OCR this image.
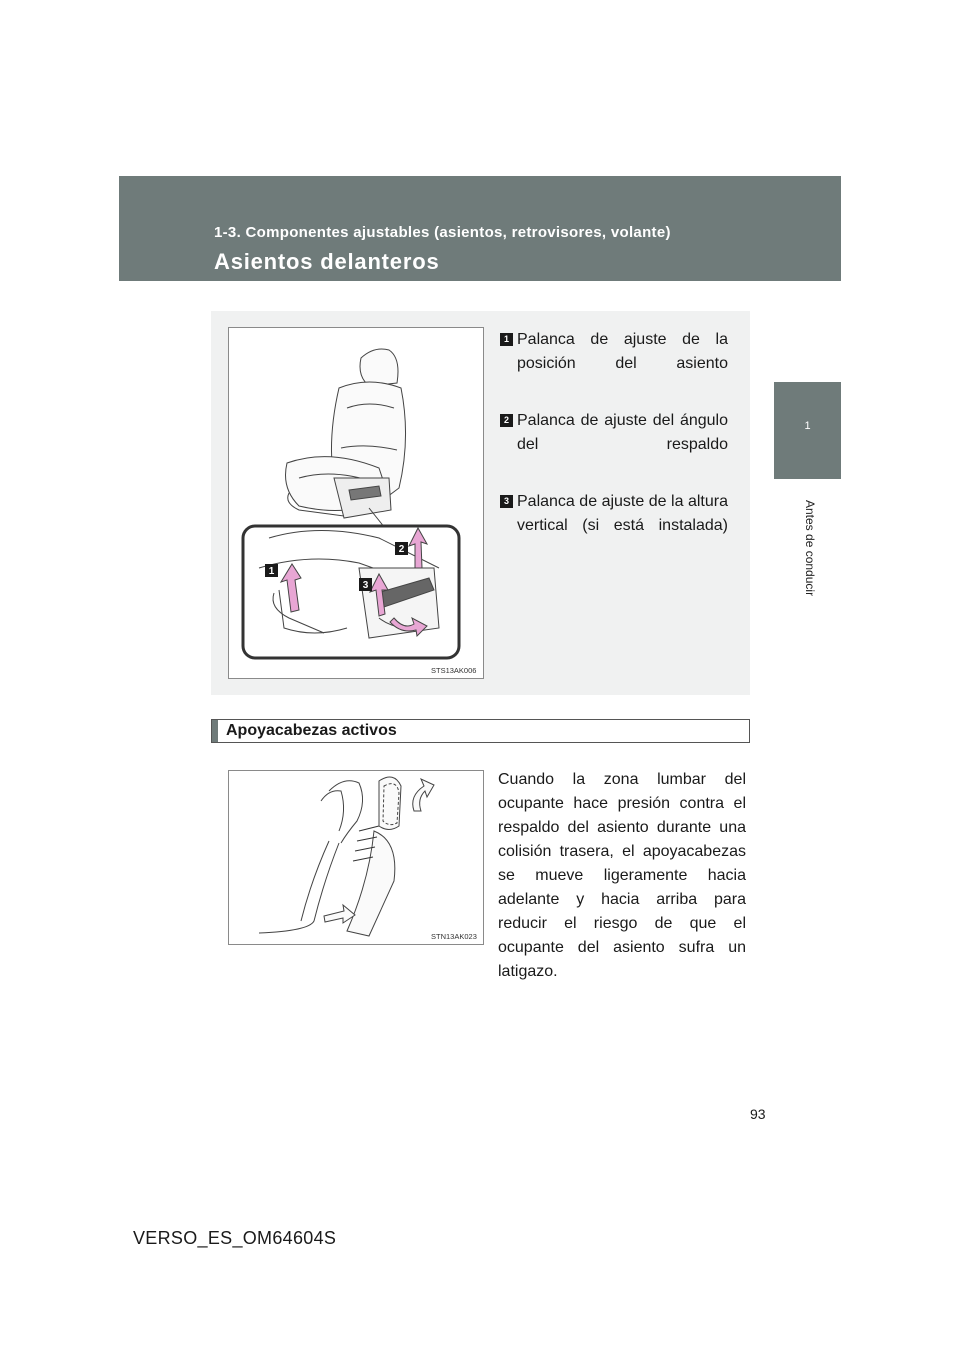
1-3. Componentes ajustables (asientos, retrovisores, volante)
Asientos delanteros
1
Antes de conducir
1
2
3
STS13AK006
1 Palanca de ajuste de la posición del asiento
2 Palanca de ajuste del ángulo del respaldo
3 Palanca de ajuste de la altura vertical (si está instalada)
Apoyacabezas activos
STN13AK023
Cuando la zona lumbar del ocupante hace presión contra el respaldo del asiento durante una colisión trasera, el apoyacabezas se mueve ligeramente hacia adelante y hacia arriba para reducir el riesgo de que el ocupante del asiento sufra un latigazo.
93
VERSO_ES_OM64604S
